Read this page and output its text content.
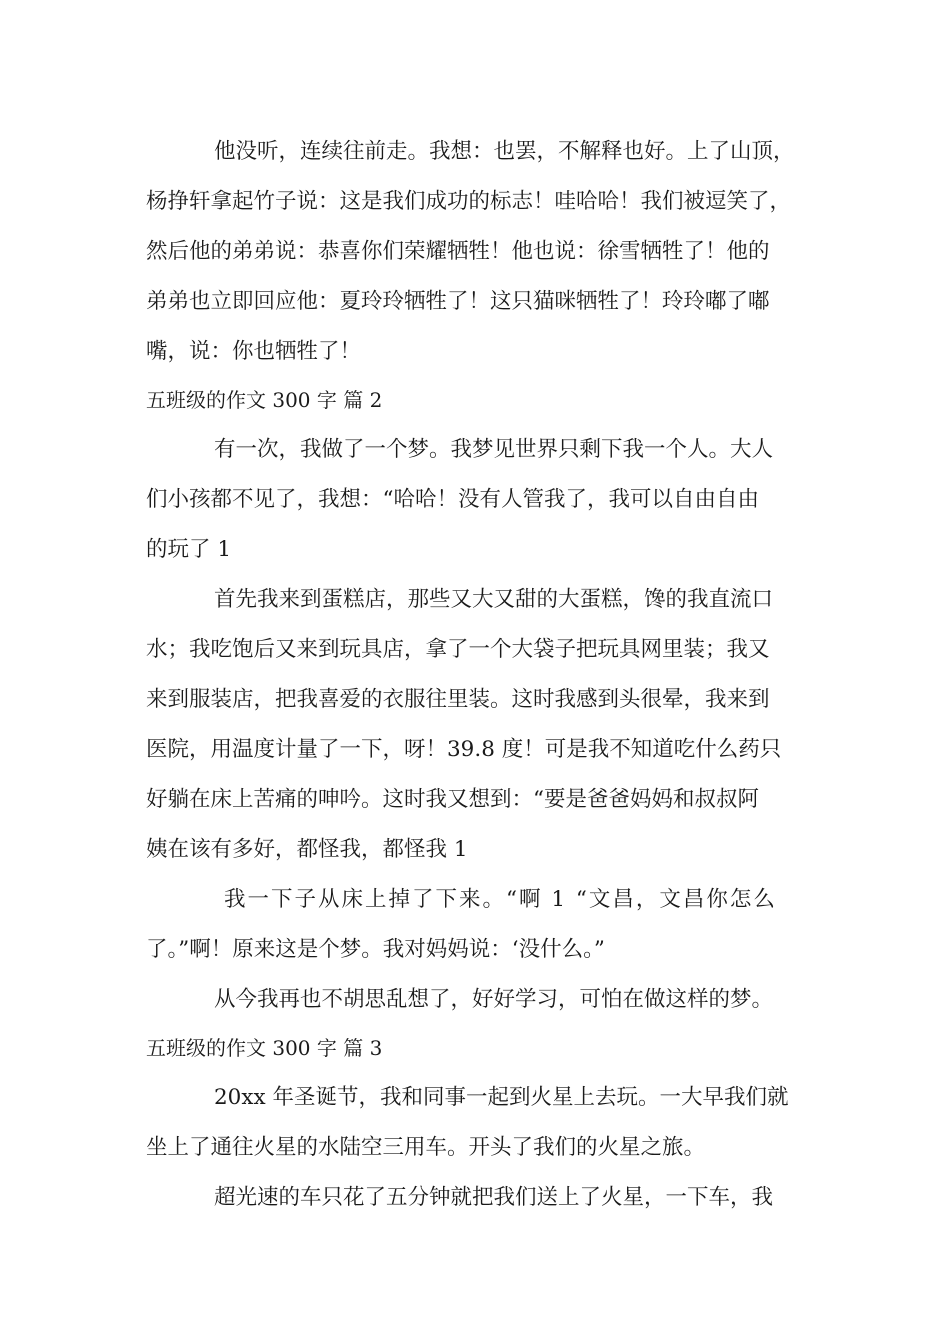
他没听，连续往前走。我想：也罢，不解释也好。上了山顶，
杨挣轩拿起竹子说：这是我们成功的标志！哇哈哈！我们被逗笑了，
然后他的弟弟说：恭喜你们荣耀牺牲！他也说：徐雪牺牲了！他的
弟弟也立即回应他：夏玲玲牺牲了！这只猫咪牺牲了！玲玲嘟了嘟
嘴，说：你也牺牲了！
五班级的作文 300 字 篇 2
有一次，我做了一个梦。我梦见世界只剩下我一个人。大人
们小孩都不见了，我想：“哈哈！没有人管我了，我可以自由自由
的玩了 1
首先我来到蛋糕店，那些又大又甜的大蛋糕，馋的我直流口
水；我吃饱后又来到玩具店，拿了一个大袋子把玩具网里装；我又
来到服装店，把我喜爱的衣服往里装。这时我感到头很晕，我来到
医院，用温度计量了一下，呀！39.8 度！可是我不知道吃什么药只
好躺在床上苦痛的呻吟。这时我又想到：“要是爸爸妈妈和叔叔阿
姨在该有多好，都怪我，都怪我 1
我一下子从床上掉了下来。“啊 1 “文昌，文昌你怎么
了。”啊！原来这是个梦。我对妈妈说：‘没什么。”
从今我再也不胡思乱想了，好好学习，可怕在做这样的梦。
五班级的作文 300 字 篇 3
20xx 年圣诞节，我和同事一起到火星上去玩。一大早我们就
坐上了通往火星的水陆空三用车。开头了我们的火星之旅。
超光速的车只花了五分钟就把我们送上了火星，一下车，我
